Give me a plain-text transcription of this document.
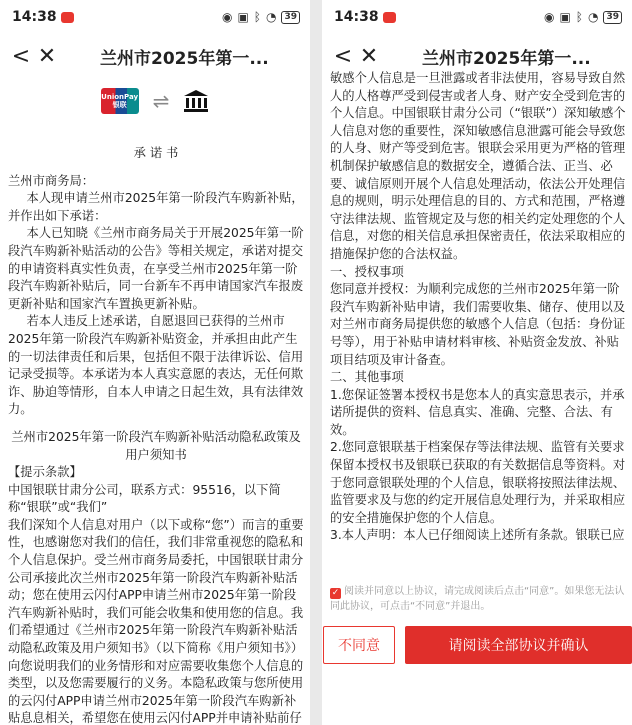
14:38	◉ ▣ ᛒ ◔ 39
< ✕	兰州市2025年第一...
UnionPay
银联 ⇌

承 诺 书

兰州市商务局：

本人现申请兰州市2025年第一阶段汽车购新补贴，并作出如下承诺：

本人已知晓《兰州市商务局关于开展2025年第一阶段汽车购新补贴活动的公告》等相关规定，承诺对提交的申请资料真实性负责，在享受兰州市2025年第一阶段汽车购新补贴后，同一台新车不再申请国家汽车报废更新补贴和国家汽车置换更新补贴。

若本人违反上述承诺，自愿退回已获得的兰州市2025年第一阶段汽车购新补贴资金，并承担由此产生的一切法律责任和后果，包括但不限于法律诉讼、信用记录受损等。本承诺为本人真实意愿的表达，无任何欺诈、胁迫等情形，自本人申请之日起生效，具有法律效力。

兰州市2025年第一阶段汽车购新补贴活动隐私政策及用户须知书

【提示条款】

中国银联甘肃分公司，联系方式：95516，以下简称“银联”或“我们”

我们深知个人信息对用户（以下或称“您”）而言的重要性，也感谢您对我们的信任，我们非常重视您的隐私和个人信息保护。受兰州市商务局委托，中国银联甘肃分公司承接此次兰州市2025年第一阶段汽车购新补贴活动；您在使用云闪付APP申请兰州市2025年第一阶段汽车购新补贴时，我们可能会收集和使用您的信息。我们希望通过《兰州市2025年第一阶段汽车购新补贴活动隐私政策及用户须知书》（以下简称《用户须知书》）向您说明我们的业务情形和对应需要收集您个人信息的类型，以及您需要履行的义务。本隐私政策与您所使用的云闪付APP申请兰州市2025年第一阶段汽车购新补贴息息相关，希望您在使用云闪付APP并申请补贴前仔

14:38	◉ ▣ ᛒ ◔ 39
< ✕	兰州市2025年第一...

敏感个人信息是一旦泄露或者非法使用，容易导致自然人的人格尊严受到侵害或者人身、财产安全受到危害的个人信息。中国银联甘肃分公司（“银联”）深知敏感个人信息对您的重要性，深知敏感信息泄露可能会导致您的人身、财产等受到危害。银联会采用更为严格的管理机制保护敏感信息的数据安全，遵循合法、正当、必要、诚信原则开展个人信息处理活动，依法公开处理信息的规则，明示处理信息的目的、方式和范围，严格遵守法律法规、监管规定及与您的相关约定处理您的个人信息，对您的相关信息承担保密责任，依法采取相应的措施保护您的合法权益。

一、授权事项

您同意并授权：为顺利完成您的兰州市2025年第一阶段汽车购新补贴申请，我们需要收集、储存、使用以及对兰州市商务局提供您的敏感个人信息（包括：身份证号等），用于补贴申请材料审核、补贴资金发放、补贴项目结项及审计备查。

二、其他事项

1.您保证签署本授权书是您本人的真实意思表示，并承诺所提供的资料、信息真实、准确、完整、合法、有效。

2.您同意银联基于档案保存等法律法规、监管有关要求保留本授权书及银联已获取的有关数据信息等资料。对于您同意银联处理的个人信息，银联将按照法律法规、监管要求及与您的约定开展信息处理行为，并采取相应的安全措施保护您的个人信息。

3.本人声明：本人已仔细阅读上述所有条款。银联已应

✓ 阅读并同意以上协议，请完成阅读后点击“同意”。如果您无法认同此协议，可点击“不同意”并退出。
不同意	请阅读全部协议并确认
